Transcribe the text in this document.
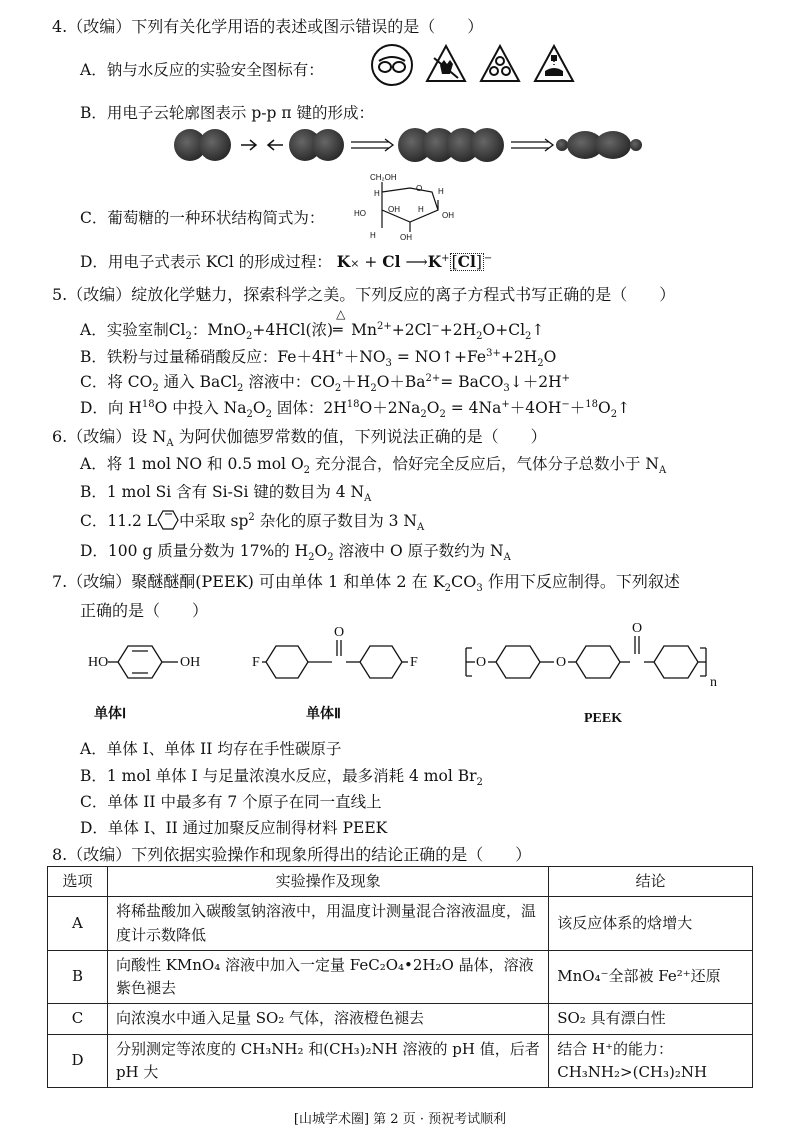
4.（改编）下列有关化学用语的表述或图示错误的是（　　）
A．钠与水反应的实验安全图标有：
B．用电子云轮廓图表示 p-p π 键的形成：
C．葡萄糖的一种环状结构简式为：
CH₂OH
O
H	H
HO	OH H
OH
H	OH
D．用电子式表示 KCl 的形成过程： K× + Cl ⟶K+ [Cl] −
5.（改编）绽放化学魅力，探索科学之美。下列反应的离子方程式书写正确的是（　　）
A．实验室制$Cl_2$：MnO$_2$+4HCl(浓)
△
═ $Mn^{2+}+2Cl^-+2H_2O+Cl_2↑$
B．铁粉与过量稀硝酸反应：$Fe+4H^++NO_3$ = $NO↑+Fe^{3+}+2H_2O$
C．将 $CO_2$ 通入 BaCl$_2$ 溶液中：$CO_2+H_2O+Ba^{2+}=$ BaCO$_3$↓＋2H+
D．向 $H^{18}O$ 中投入 $Na_2O_2$ 固体：$2H^{18}O+2Na_2O_2$ = $4Na^++4OH^-+^{18}O_2↑$
6.（改编）设 $N_A$ 为阿伏伽德罗常数的值，下列说法正确的是（　　）
A．将 1 mol NO 和 0.5 mol $O_2$ 充分混合，恰好完全反应后，气体分子总数小于 $N_A$
B．1 mol Si 含有 Si-Si 键的数目为 4 $N_A$
C．11.2 L 中采取 $sp^2$ 杂化的原子数目为 3 $N_A$
D．100 g 质量分数为 17%的 $H_2O_2$ 溶液中 O 原子数约为 $N_A$
7.（改编）聚醚醚酮(PEEK) 可由单体 1 和单体 2 在 $K_2CO_3$ 作用下反应制得。下列叙述
正确的是（　　）
HO	OH	F
O
F	O	O
O
n
单体Ⅰ	单体Ⅱ	PEEK
A．单体 I、单体 II 均存在手性碳原子
B．1 mol 单体 I 与足量浓溴水反应，最多消耗 4 mol $Br_2$
C．单体 II 中最多有 7 个原子在同一直线上
D．单体 I、II 通过加聚反应制得材料 PEEK
8.（改编）下列依据实验操作和现象所得出的结论正确的是（　　）
选项	实验操作及现象	结论
A	将稀盐酸加入碳酸氢钠溶液中，用温度计测量混合溶液温度，温度计示数降低	该反应体系的焓增大
B	向酸性 KMnO₄ 溶液中加入一定量 FeC₂O₄•2H₂O 晶体，溶液紫色褪去	MnO₄⁻全部被 Fe²⁺还原
C	向浓溴水中通入足量 SO₂ 气体，溶液橙色褪去	SO₂ 具有漂白性
D	分别测定等浓度的 CH₃NH₂ 和(CH₃)₂NH 溶液的 pH 值，后者 pH 大	结合 H⁺的能力：CH₃NH₂>(CH₃)₂NH
[山城学术圈] 第 2 页 · 预祝考试顺利
